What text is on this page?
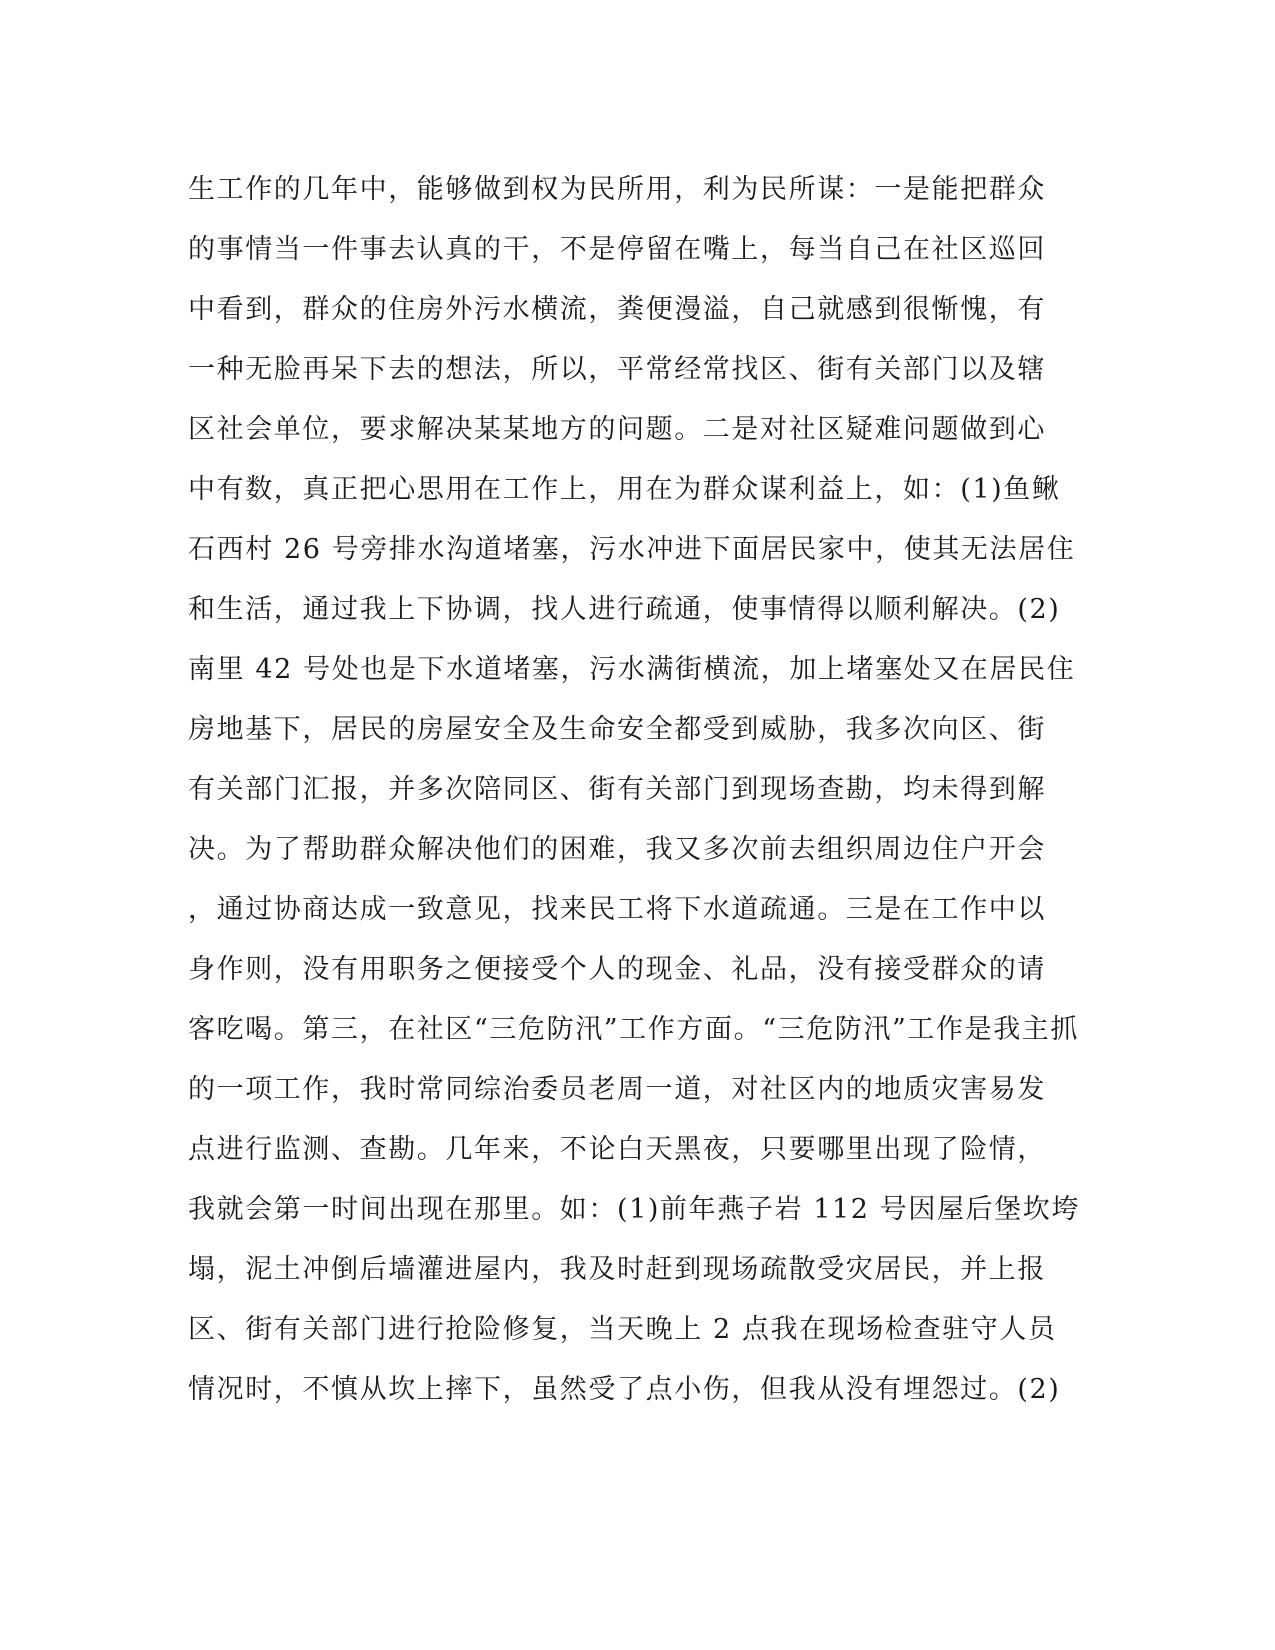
生工作的几年中，能够做到权为民所用，利为民所谋：一是能把群众
的事情当一件事去认真的干，不是停留在嘴上，每当自己在社区巡回
中看到，群众的住房外污水横流，粪便漫溢，自己就感到很惭愧，有
一种无脸再呆下去的想法，所以，平常经常找区、街有关部门以及辖
区社会单位，要求解决某某地方的问题。二是对社区疑难问题做到心
中有数，真正把心思用在工作上，用在为群众谋利益上，如：(1)鱼鳅
石西村 26 号旁排水沟道堵塞，污水冲进下面居民家中，使其无法居住
和生活，通过我上下协调，找人进行疏通，使事情得以顺利解决。(2)
南里 42 号处也是下水道堵塞，污水满街横流，加上堵塞处又在居民住
房地基下，居民的房屋安全及生命安全都受到威胁，我多次向区、街
有关部门汇报，并多次陪同区、街有关部门到现场查勘，均未得到解
决。为了帮助群众解决他们的困难，我又多次前去组织周边住户开会
，通过协商达成一致意见，找来民工将下水道疏通。三是在工作中以
身作则，没有用职务之便接受个人的现金、礼品，没有接受群众的请
客吃喝。第三，在社区“三危防汛”工作方面。“三危防汛”工作是我主抓
的一项工作，我时常同综治委员老周一道，对社区内的地质灾害易发
点进行监测、查勘。几年来，不论白天黑夜，只要哪里出现了险情，
我就会第一时间出现在那里。如：(1)前年燕子岩 112 号因屋后堡坎垮
塌，泥土冲倒后墙灌进屋内，我及时赶到现场疏散受灾居民，并上报
区、街有关部门进行抢险修复，当天晚上 2 点我在现场检查驻守人员
情况时，不慎从坎上摔下，虽然受了点小伤，但我从没有埋怨过。(2)
